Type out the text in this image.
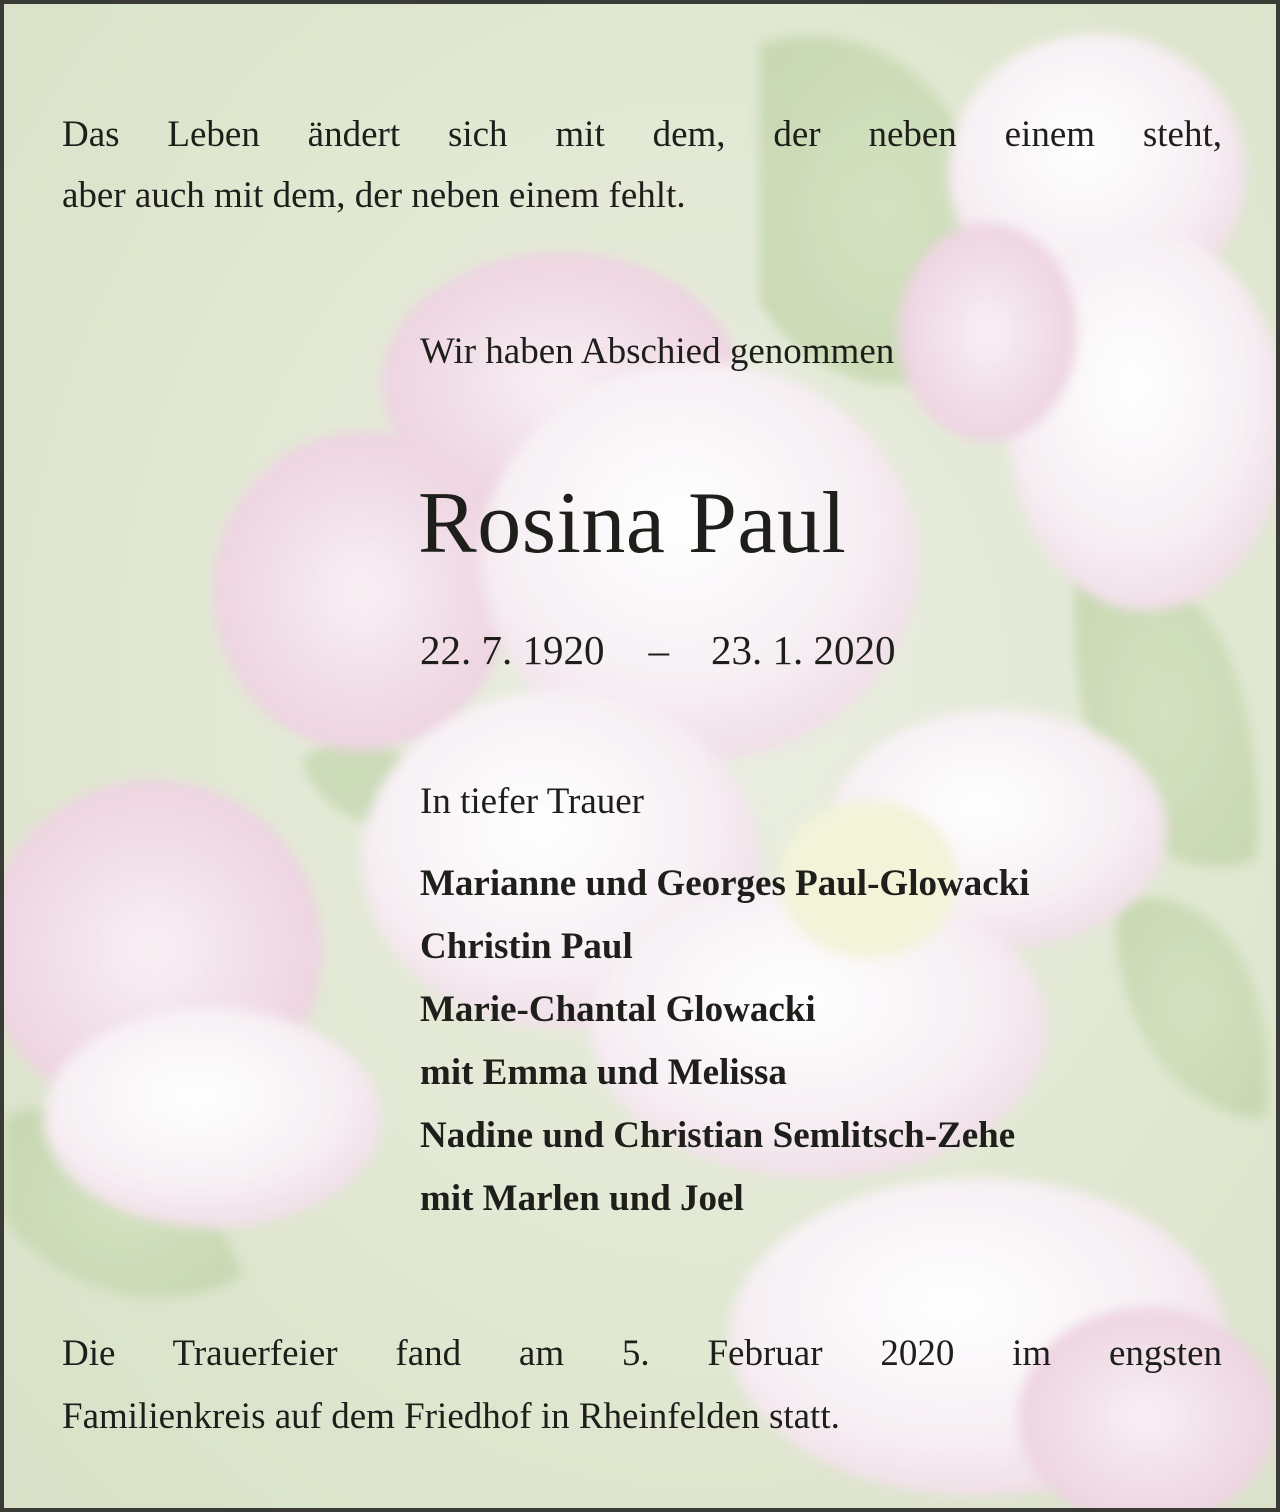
Das Leben ändert sich mit dem, der neben einem steht,
aber auch mit dem, der neben einem fehlt.
Wir haben Abschied genommen
Rosina Paul
22. 7. 1920 – 23. 1. 2020
In tiefer Trauer
Marianne und Georges Paul-Glowacki
Christin Paul
Marie-Chantal Glowacki
mit Emma und Melissa
Nadine und Christian Semlitsch-Zehe
mit Marlen und Joel
Die Trauerfeier fand am 5. Februar 2020 im engsten
Familienkreis auf dem Friedhof in Rheinfelden statt.
